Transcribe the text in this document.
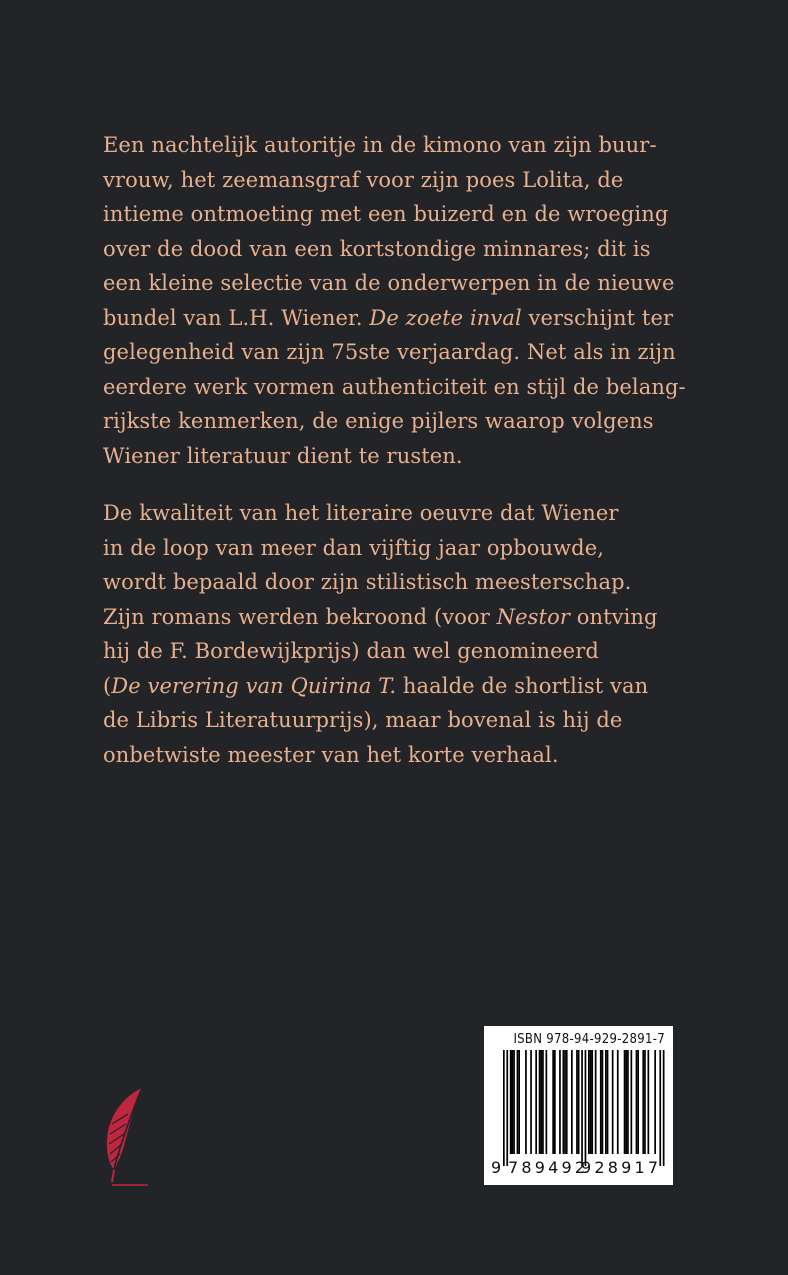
Een nachtelijk autoritje in de kimono van zijn buur-
vrouw, het zeemansgraf voor zijn poes Lolita, de
intieme ontmoeting met een buizerd en de wroeging
over de dood van een kortstondige minnares; dit is
een kleine selectie van de onderwerpen in de nieuwe
bundel van L.H. Wiener. De zoete inval verschijnt ter
gelegenheid van zijn 75ste verjaardag. Net als in zijn
eerdere werk vormen authenticiteit en stijl de belang-
rijkste kenmerken, de enige pijlers waarop volgens
Wiener literatuur dient te rusten.
De kwaliteit van het literaire oeuvre dat Wiener
in de loop van meer dan vijftig jaar opbouwde,
wordt bepaald door zijn stilistisch meesterschap.
Zijn romans werden bekroond (voor Nestor ontving
hij de F. Bordewijkprijs) dan wel genomineerd
(De verering van Quirina T. haalde de shortlist van
de Libris Literatuurprijs), maar bovenal is hij de
onbetwiste meester van het korte verhaal.
ISBN 978-94-929-2891-7
9 789492
928917
